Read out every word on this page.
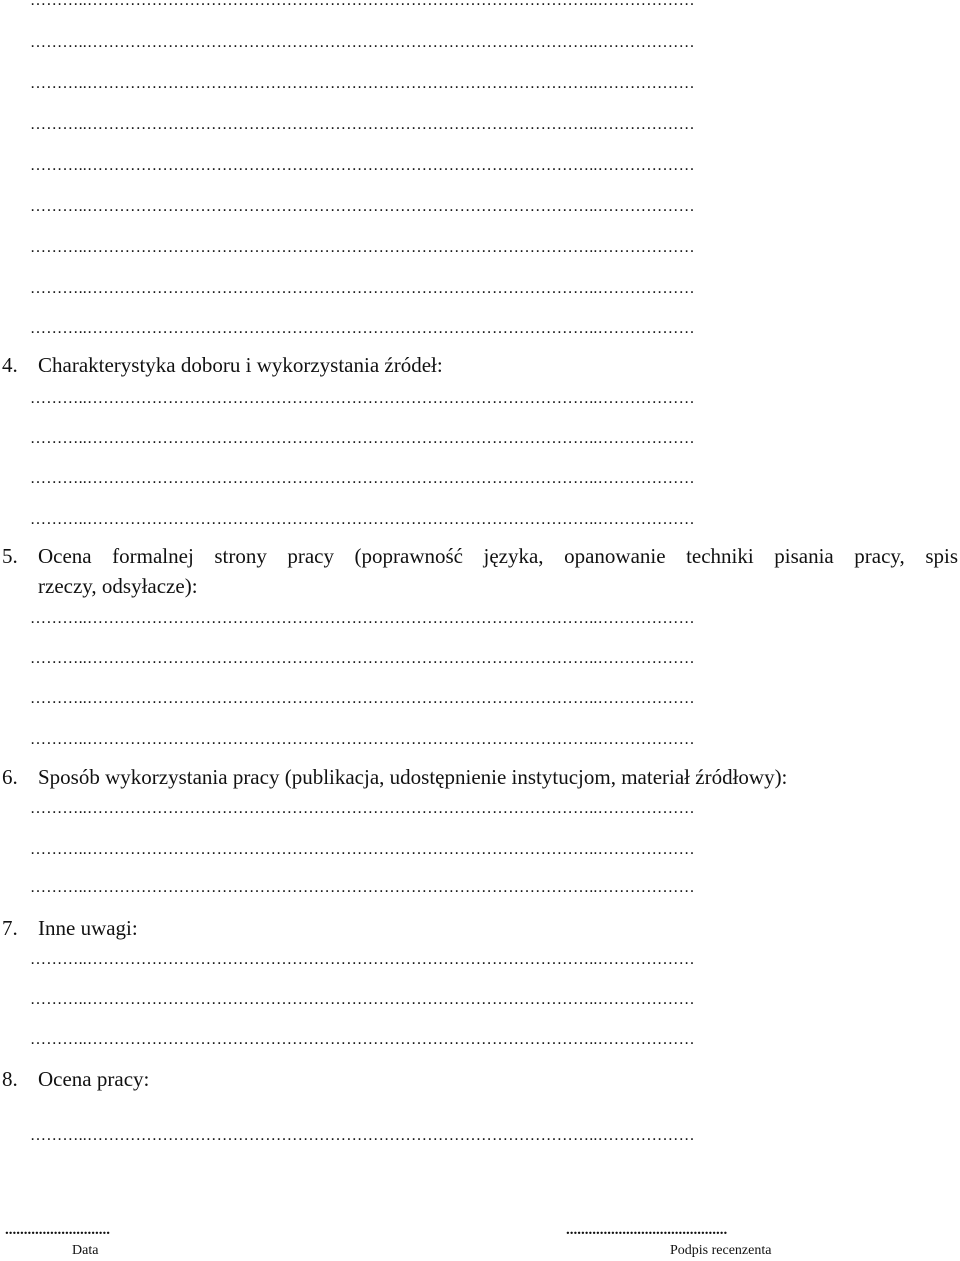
………..…………………………………………………………………………………..………………
………..…………………………………………………………………………………..………………
………..…………………………………………………………………………………..………………
………..…………………………………………………………………………………..………………
………..…………………………………………………………………………………..………………
………..…………………………………………………………………………………..………………
………..…………………………………………………………………………………..………………
………..…………………………………………………………………………………..………………
………..…………………………………………………………………………………..………………
4. Charakterystyka doboru i wykorzystania źródeł:
………..…………………………………………………………………………………..………………
………..…………………………………………………………………………………..………………
………..…………………………………………………………………………………..………………
………..…………………………………………………………………………………..………………
5. Ocena formalnej strony pracy (poprawność języka, opanowanie techniki pisania pracy, spis
rzeczy, odsyłacze):
………..…………………………………………………………………………………..………………
………..…………………………………………………………………………………..………………
………..…………………………………………………………………………………..………………
………..…………………………………………………………………………………..………………
6. Sposób wykorzystania pracy (publikacja, udostępnienie instytucjom, materiał źródłowy):
………..…………………………………………………………………………………..………………
………..…………………………………………………………………………………..………………
………..…………………………………………………………………………………..………………
7. Inne uwagi:
………..…………………………………………………………………………………..………………
………..…………………………………………………………………………………..………………
………..…………………………………………………………………………………..………………
8. Ocena pracy:
………..…………………………………………………………………………………..………………
............................
Data
...........................................
Podpis recenzenta
